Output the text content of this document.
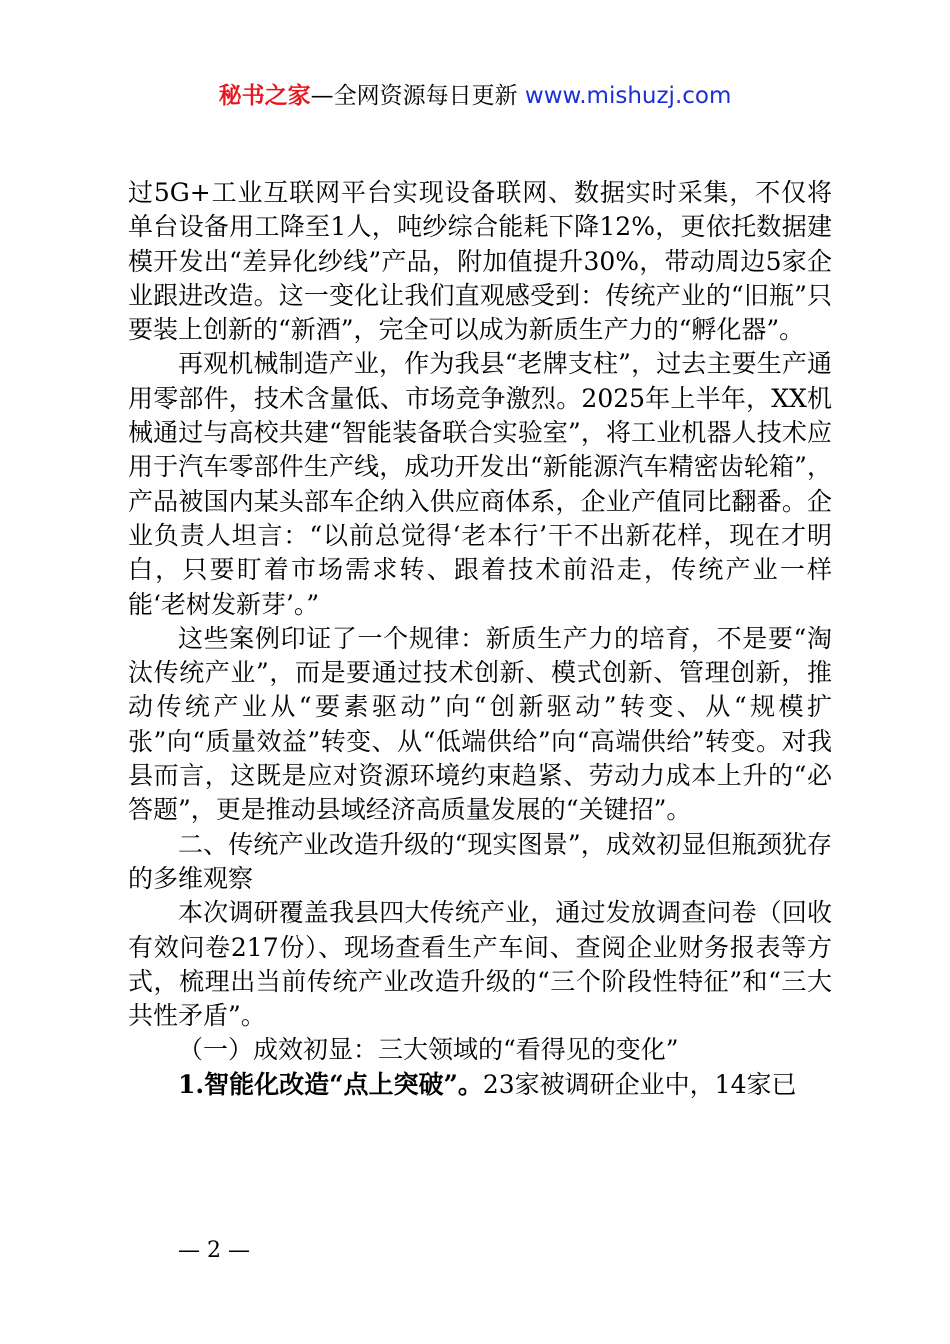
秘书之家—全网资源每日更新 www.mishuzj.com

过5G+工业互联网平台实现设备联网、数据实时采集，不仅将单台设备用工降至1人，吨纱综合能耗下降12%，更依托数据建模开发出“差异化纱线”产品，附加值提升30%，带动周边5家企业跟进改造。这一变化让我们直观感受到：传统产业的“旧瓶”只要装上创新的“新酒”，完全可以成为新质生产力的“孵化器”。

再观机械制造产业，作为我县“老牌支柱”，过去主要生产通用零部件，技术含量低、市场竞争激烈。2025年上半年，XX机械通过与高校共建“智能装备联合实验室”，将工业机器人技术应用于汽车零部件生产线，成功开发出“新能源汽车精密齿轮箱”，产品被国内某头部车企纳入供应商体系，企业产值同比翻番。企业负责人坦言：“以前总觉得‘老本行’干不出新花样，现在才明白，只要盯着市场需求转、跟着技术前沿走，传统产业一样能‘老树发新芽’。”

这些案例印证了一个规律：新质生产力的培育，不是要“淘汰传统产业”，而是要通过技术创新、模式创新、管理创新，推动传统产业从“要素驱动”向“创新驱动”转变、从“规模扩张”向“质量效益”转变、从“低端供给”向“高端供给”转变。对我县而言，这既是应对资源环境约束趋紧、劳动力成本上升的“必答题”，更是推动县域经济高质量发展的“关键招”。

二、传统产业改造升级的“现实图景”，成效初显但瓶颈犹存的多维观察

本次调研覆盖我县四大传统产业，通过发放调查问卷（回收有效问卷217份）、现场查看生产车间、查阅企业财务报表等方式，梳理出当前传统产业改造升级的“三个阶段性特征”和“三大共性矛盾”。

（一）成效初显：三大领域的“看得见的变化”

1.智能化改造“点上突破”。23家被调研企业中，14家已

— 2 —
